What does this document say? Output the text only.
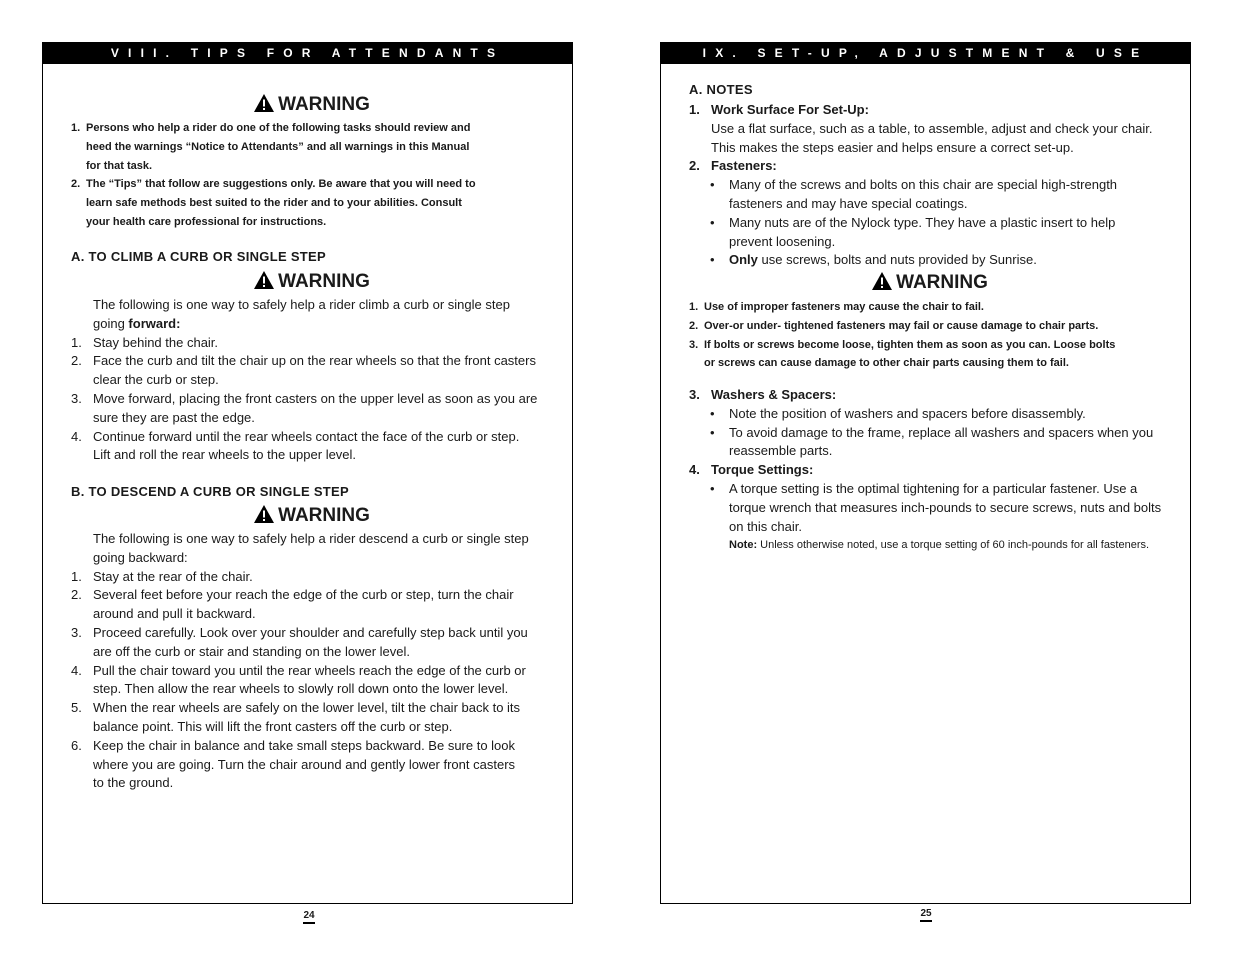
VIII. TIPS FOR ATTENDANTS
WARNING
1. Persons who help a rider do one of the following tasks should review and
heed the warnings “Notice to Attendants” and all warnings in this Manual
for that task.
2. The “Tips” that follow are suggestions only. Be aware that you will need to
learn safe methods best suited to the rider and to your abilities. Consult
your health care professional for instructions.
A. TO CLIMB A CURB OR SINGLE STEP
WARNING
The following is one way to safely help a rider climb a curb or single step
going forward:
1. Stay behind the chair.
2. Face the curb and tilt the chair up on the rear wheels so that the front casters
clear the curb or step.
3. Move forward, placing the front casters on the upper level as soon as you are
sure they are past the edge.
4. Continue forward until the rear wheels contact the face of the curb or step.
Lift and roll the rear wheels to the upper level.
B. TO DESCEND A CURB OR SINGLE STEP
WARNING
The following is one way to safely help a rider descend a curb or single step
going backward:
1. Stay at the rear of the chair.
2. Several feet before your reach the edge of the curb or step, turn the chair
around and pull it backward.
3. Proceed carefully. Look over your shoulder and carefully step back until you
are off the curb or stair and standing on the lower level.
4. Pull the chair toward you until the rear wheels reach the edge of the curb or
step. Then allow the rear wheels to slowly roll down onto the lower level.
5. When the rear wheels are safely on the lower level, tilt the chair back to its
balance point. This will lift the front casters off the curb or step.
6. Keep the chair in balance and take small steps backward. Be sure to look
where you are going. Turn the chair around and gently lower front casters
to the ground.
24
IX. SET-UP, ADJUSTMENT & USE
A. NOTES
1. Work Surface For Set-Up:
Use a flat surface, such as a table, to assemble, adjust and check your chair.
This makes the steps easier and helps ensure a correct set-up.
2. Fasteners:
• Many of the screws and bolts on this chair are special high-strength
fasteners and may have special coatings.
• Many nuts are of the Nylock type. They have a plastic insert to help
prevent loosening.
• Only use screws, bolts and nuts provided by Sunrise.
WARNING
1. Use of improper fasteners may cause the chair to fail.
2. Over-or under- tightened fasteners may fail or cause damage to chair parts.
3. If bolts or screws become loose, tighten them as soon as you can. Loose bolts
or screws can cause damage to other chair parts causing them to fail.
3. Washers & Spacers:
• Note the position of washers and spacers before disassembly.
• To avoid damage to the frame, replace all washers and spacers when you
reassemble parts.
4. Torque Settings:
• A torque setting is the optimal tightening for a particular fastener. Use a
torque wrench that measures inch-pounds to secure screws, nuts and bolts
on this chair.
Note: Unless otherwise noted, use a torque setting of 60 inch-pounds for all fasteners.
25
